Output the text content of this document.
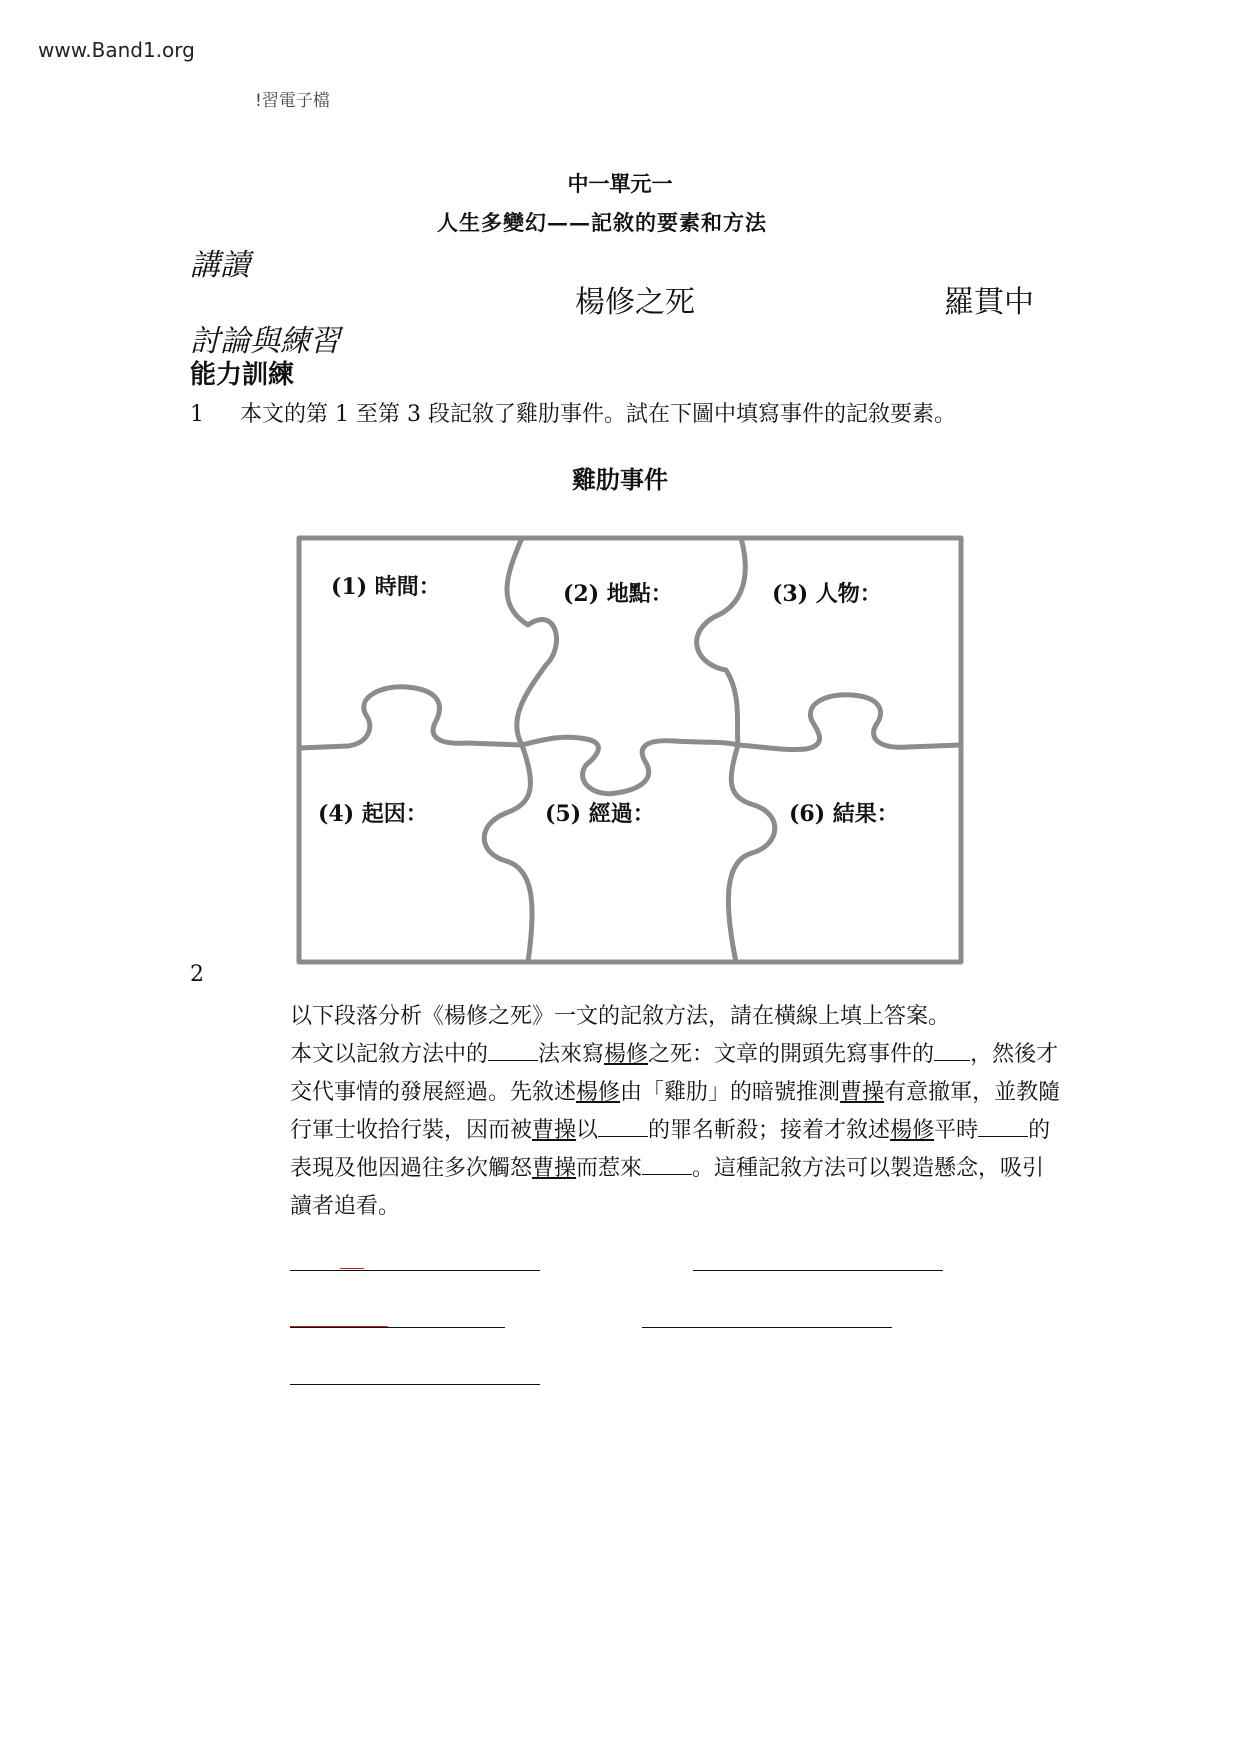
www.Band1.org
!習電子檔
中一單元一
人生多變幻——記敘的要素和方法
講讀
楊修之死	羅貫中
討論與練習
能力訓練
1 本文的第 1 至第 3 段記敘了雞肋事件。試在下圖中填寫事件的記敘要素。
雞肋事件
(1) 時間：	(2) 地點：	(3) 人物：
(4) 起因：	(5) 經過：	(6) 結果：
2

以下段落分析《楊修之死》一文的記敘方法，請在橫線上填上答案。

本文以記敘方法中的 法來寫楊修之死：文章的開頭先寫事件的 ，然後才交代事情的發展經過。先敘述楊修由「雞肋」的暗號推測曹操有意撤軍，並教隨行軍士收拾行裝，因而被曹操以 的罪名斬殺；接着才敘述楊修平時 的表現及他因過往多次觸怒曹操而惹來 。這種記敘方法可以製造懸念，吸引讀者追看。
